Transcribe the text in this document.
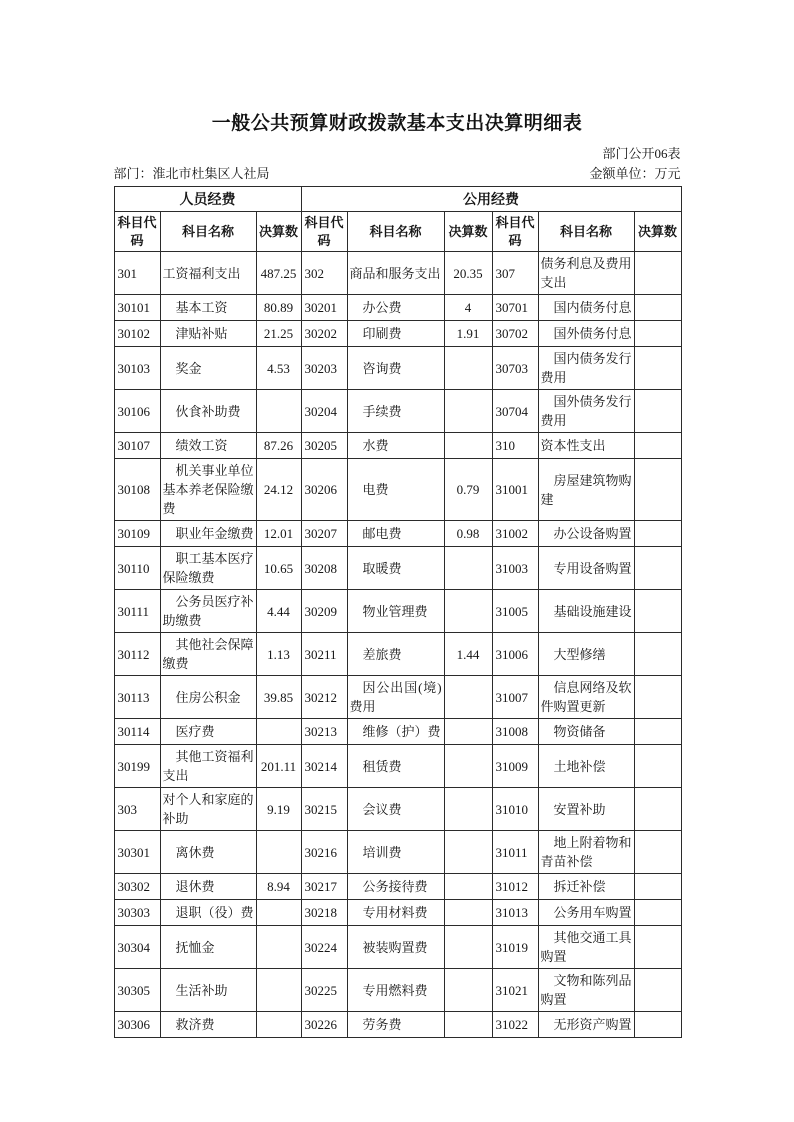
一般公共预算财政拨款基本支出决算明细表
部门公开06表
部门：淮北市杜集区人社局	金额单位：万元
人员经费			公用经费					
科目代码	科目名称	决算数	科目代码	科目名称	决算数	科目代码	科目名称	决算数
301	工资福利支出	487.25	302	商品和服务支出	20.35	307	债务利息及费用支出	
30101	基本工资	80.89	30201	办公费	4	30701	国内债务付息	
30102	津贴补贴	21.25	30202	印刷费	1.91	30702	国外债务付息	
30103	奖金	4.53	30203	咨询费		30703	国内债务发行费用	
30106	伙食补助费		30204	手续费		30704	国外债务发行费用	
30107	绩效工资	87.26	30205	水费		310	资本性支出	
30108	机关事业单位基本养老保险缴费	24.12	30206	电费	0.79	31001	房屋建筑物购建	
30109	职业年金缴费	12.01	30207	邮电费	0.98	31002	办公设备购置	
30110	职工基本医疗保险缴费	10.65	30208	取暖费		31003	专用设备购置	
30111	公务员医疗补助缴费	4.44	30209	物业管理费		31005	基础设施建设	
30112	其他社会保障缴费	1.13	30211	差旅费	1.44	31006	大型修缮	
30113	住房公积金	39.85	30212	因公出国(境)费用		31007	信息网络及软件购置更新	
30114	医疗费		30213	维修（护）费		31008	物资储备	
30199	其他工资福利支出	201.11	30214	租赁费		31009	土地补偿	
303	对个人和家庭的补助	9.19	30215	会议费		31010	安置补助	
30301	离休费		30216	培训费		31011	地上附着物和青苗补偿	
30302	退休费	8.94	30217	公务接待费		31012	拆迁补偿	
30303	退职（役）费		30218	专用材料费		31013	公务用车购置	
30304	抚恤金		30224	被装购置费		31019	其他交通工具购置	
30305	生活补助		30225	专用燃料费		31021	文物和陈列品购置	
30306	救济费		30226	劳务费		31022	无形资产购置	
